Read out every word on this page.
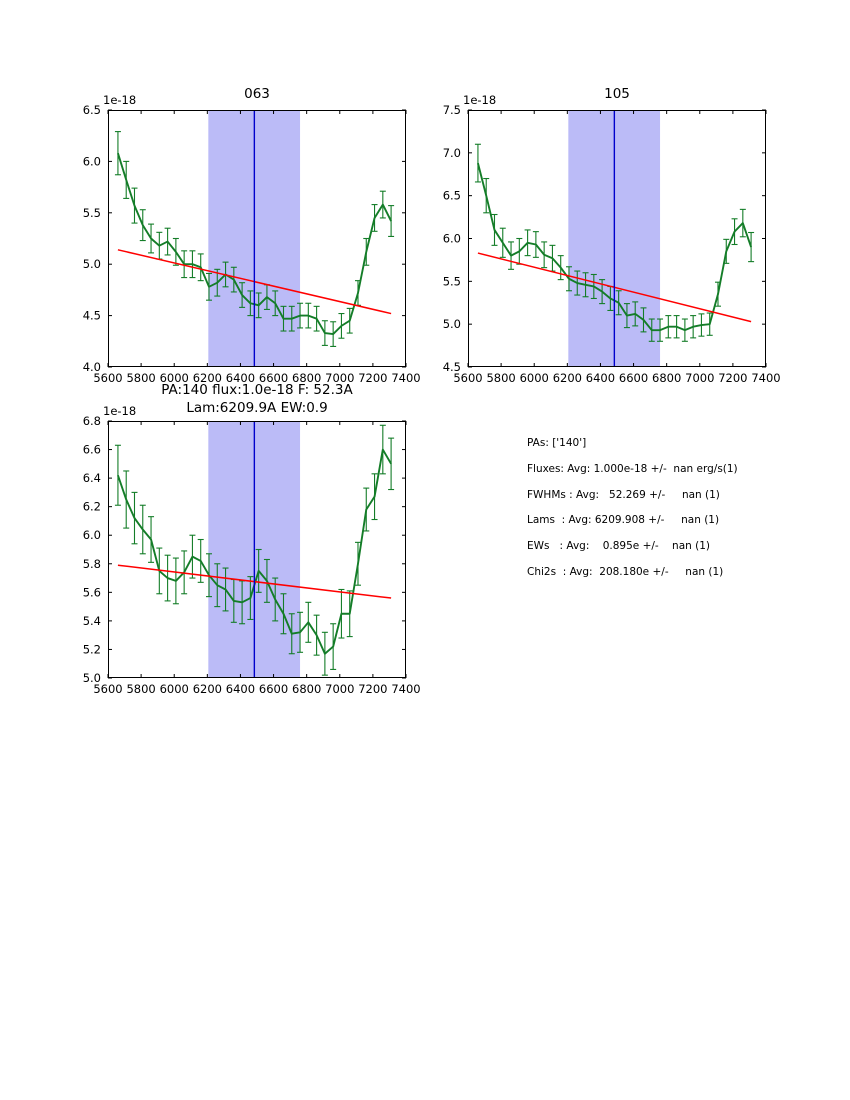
063	105
PA:140 flux:1.0e-18 F: 52.3A
Lam:6209.9A EW:0.9
5600 5800 6000 6200 6400 6600 6800 7000 7200 7400
4.0
4.5
5.0
5.5
6.0
6.5
1e-18
5600 5800 6000 6200 6400 6600 6800 7000 7200 7400
4.5
5.0
5.5
6.0
6.5
7.0
7.5
1e-18
5600 5800 6000 6200 6400 6600 6800 7000 7200 7400
5.0
5.2
5.4
5.6
5.8
6.0
6.2
6.4
6.6
6.8
1e-18
PAs: ['140']
Fluxes: Avg: 1.000e-18 +/-  nan erg/s(1)
FWHMs : Avg:   52.269 +/-     nan (1)
Lams  : Avg: 6209.908 +/-     nan (1)
EWs   : Avg:    0.895e +/-    nan (1)
Chi2s  : Avg:  208.180e +/-     nan (1)
